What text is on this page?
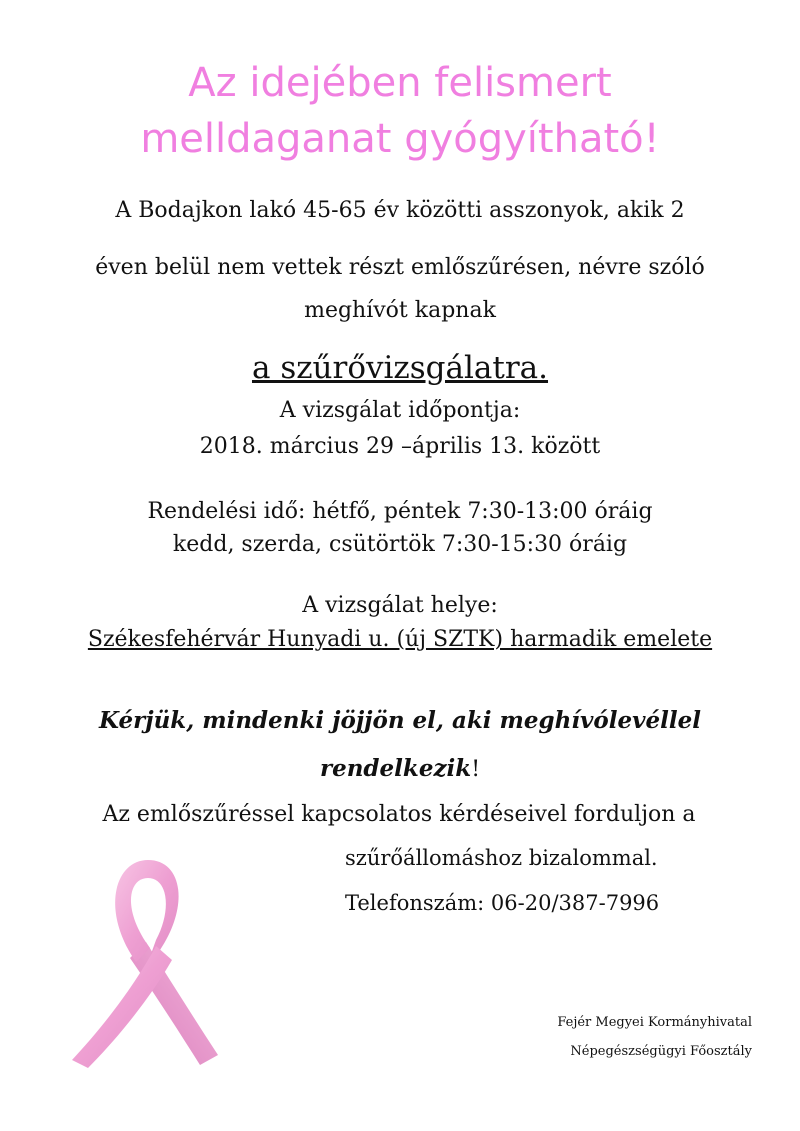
Az idejében felismert
melldaganat gyógyítható!
A Bodajkon lakó 45-65 év közötti asszonyok, akik 2
éven belül nem vettek részt emlőszűrésen, névre szóló
meghívót kapnak
a szűrővizsgálatra.
A vizsgálat időpontja:
2018. március 29 –április 13. között
Rendelési idő: hétfő, péntek 7:30-13:00 óráig
kedd, szerda, csütörtök 7:30-15:30 óráig
A vizsgálat helye:
Székesfehérvár Hunyadi u. (új SZTK) harmadik emelete
Kérjük, mindenki jöjjön el, aki meghívólevéllel
rendelkezik!
Az emlőszűréssel kapcsolatos kérdéseivel forduljon a
szűrőállomáshoz bizalommal.
Telefonszám: 06-20/387-7996
Fejér Megyei Kormányhivatal
Népegészségügyi Főosztály
